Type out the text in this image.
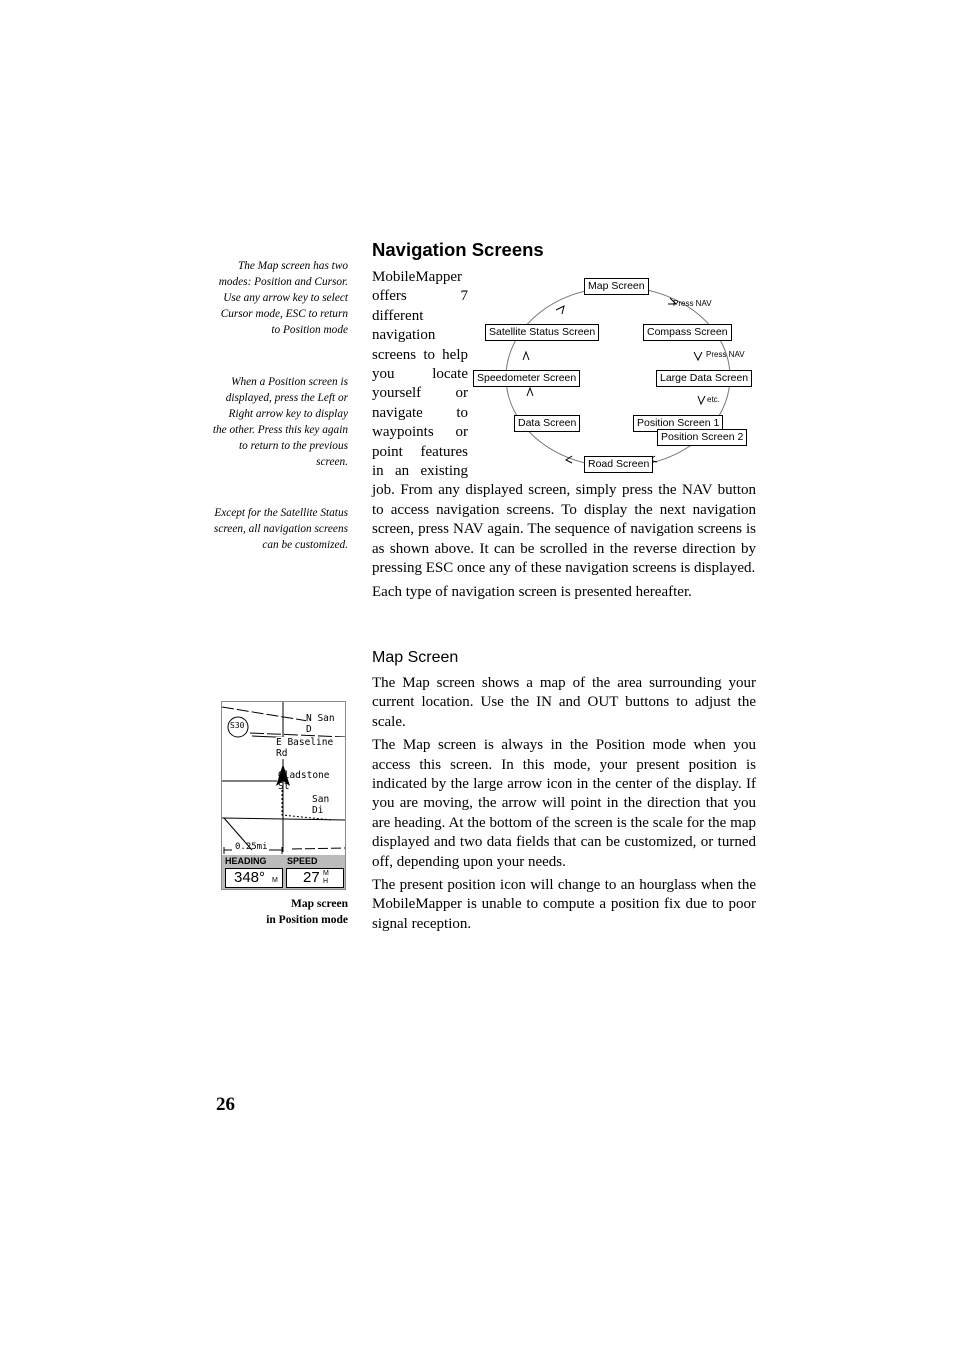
The Map screen has two modes: Position and Cursor. Use any arrow key to select Cursor mode, ESC to return to Position mode
When a Position screen is displayed, press the Left or Right arrow key to display the other. Press this key again to return to the previous screen.
Except for the Satellite Status screen, all navigation screens can be customized.
Navigation Screens

MobileMapper offers 7 different navigation screens to help you locate yourself or navigate to waypoints or point features in an existing job. From any displayed screen, simply press the NAV button to access navigation screens. To display the next navigation screen, press NAV again. The sequence of navigation screens is as shown above. It can be scrolled in the reverse direction by pressing ESC once any of these navigation screens is displayed.

Each type of navigation screen is presented hereafter.

Map Screen
Compass Screen
Large Data Screen
Position Screen 1
Position Screen 2
Road Screen
Data Screen
Speedometer Screen
Satellite Status Screen
Press NAV
Press NAV
etc.
Map Screen

The Map screen shows a map of the area surrounding your current location. Use the IN and OUT buttons to adjust the scale.

The Map screen is always in the Position mode when you access this screen. In this mode, your present position is indicated by the large arrow icon in the center of the display. If you are moving, the arrow will point in the direction that you are heading. At the bottom of the screen is the scale for the map displayed and two data fields that can be customized, or turned off, depending upon your needs.

The present position icon will change to an hourglass when the MobileMapper is unable to compute a position fix due to poor signal reception.

S30
N San D
E Baseline Rd
Gladstone St
San Di
0.25mi
HEADING SPEED
348° M 27 MH
Map screen
in Position mode
26
